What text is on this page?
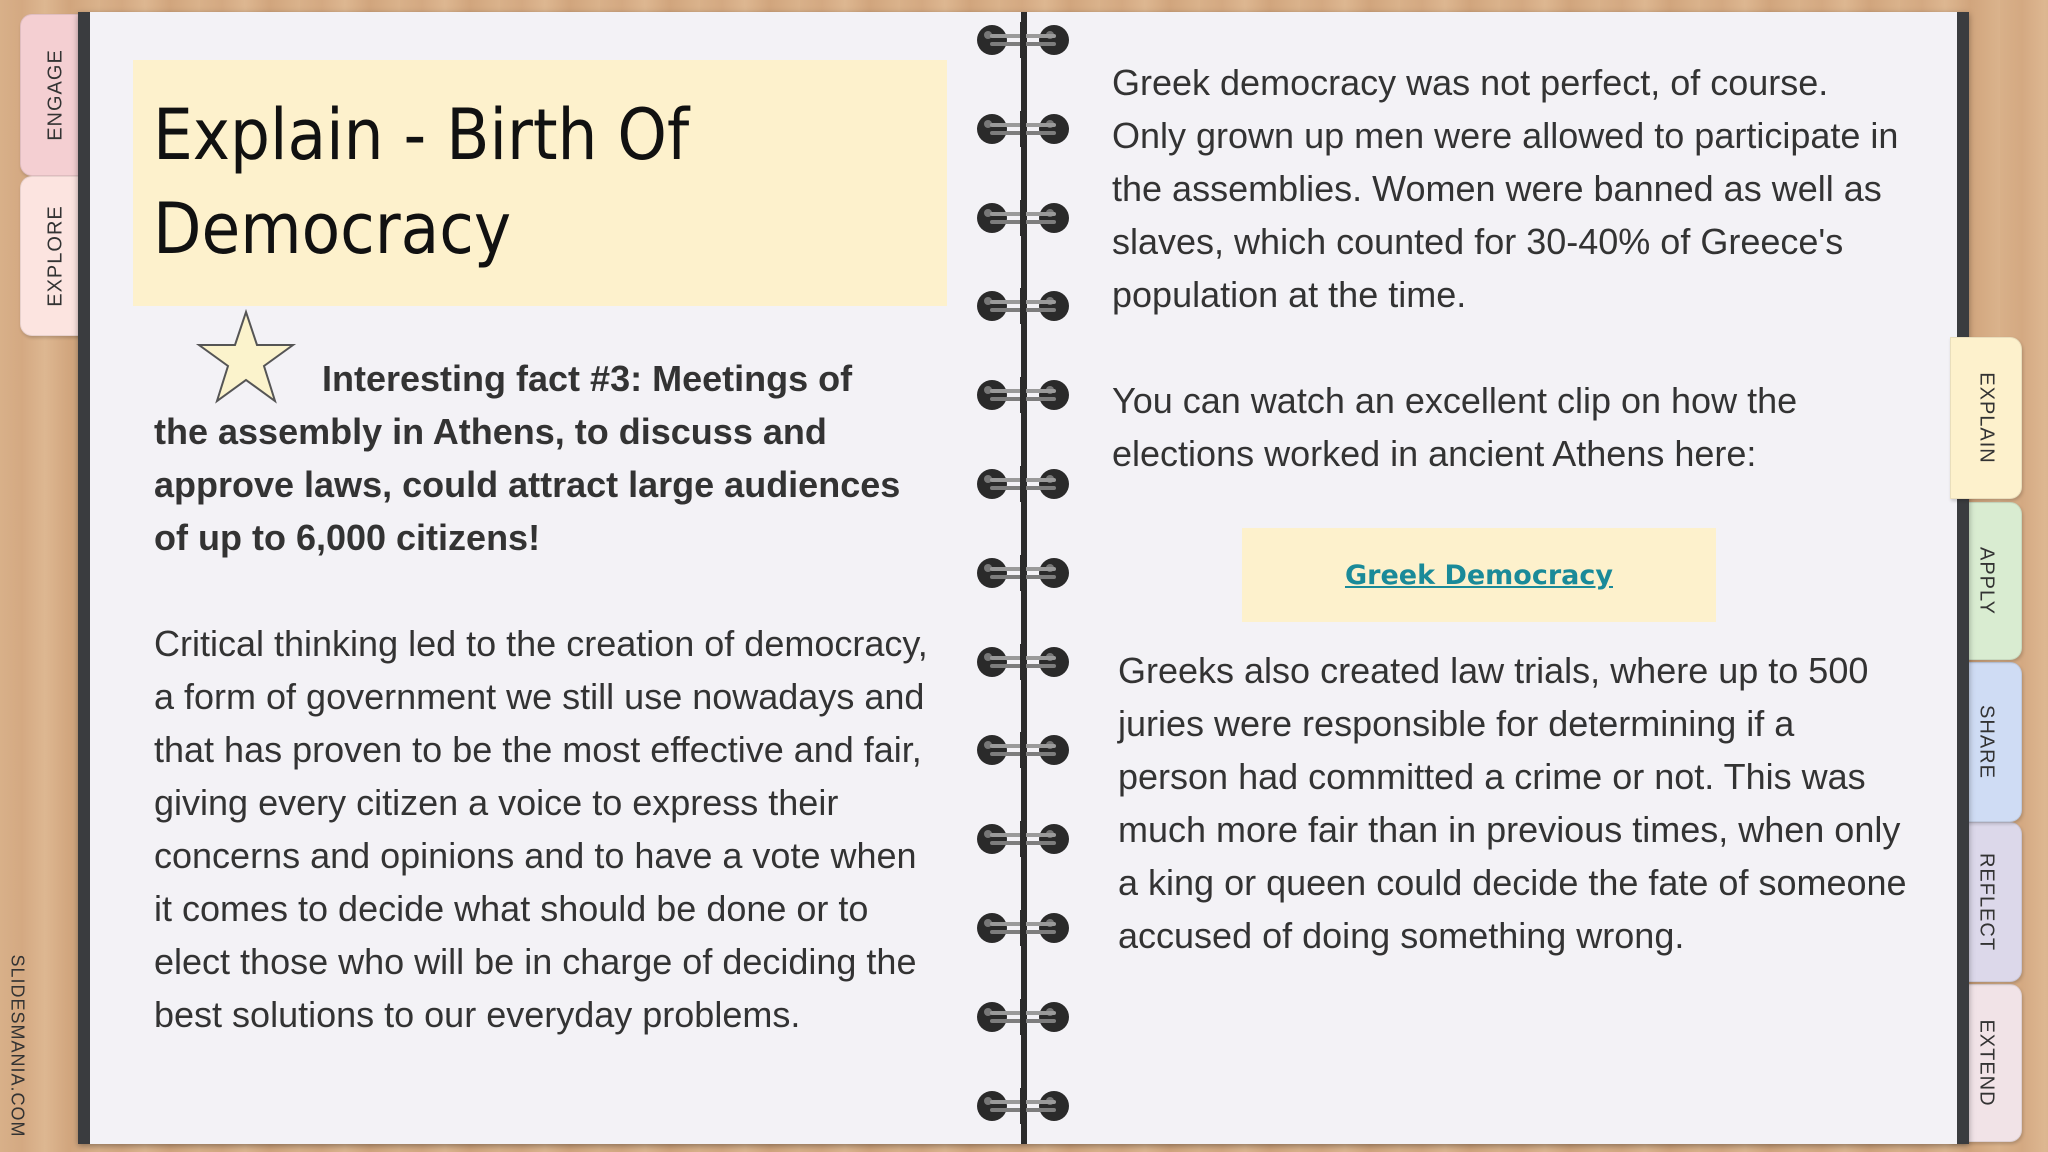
ENGAGE
EXPLORE
EXTEND
REFLECT
SHARE
APPLY
EXPLAIN
Explain - Birth Of Democracy
Interesting fact #3: Meetings of the assembly in Athens, to discuss and approve laws, could attract large audiences of up to 6,000 citizens!
Critical thinking led to the creation of democracy, a form of government we still use nowadays and that has proven to be the most effective and fair, giving every citizen a voice to express their concerns and opinions and to have a vote when it comes to decide what should be done or to elect those who will be in charge of deciding the best solutions to our everyday problems.
Greek democracy was not perfect, of course. Only grown up men were allowed to participate in the assemblies. Women were banned as well as slaves, which counted for 30-40% of Greece's population at the time.
You can watch an excellent clip on how the elections worked in ancient Athens here:
Greek Democracy
Greeks also created law trials, where up to 500 juries were responsible for determining if a person had committed a crime or not. This was much more fair than in previous times, when only a king or queen could decide the fate of someone accused of doing something wrong.
SLIDESMANIA.COM
